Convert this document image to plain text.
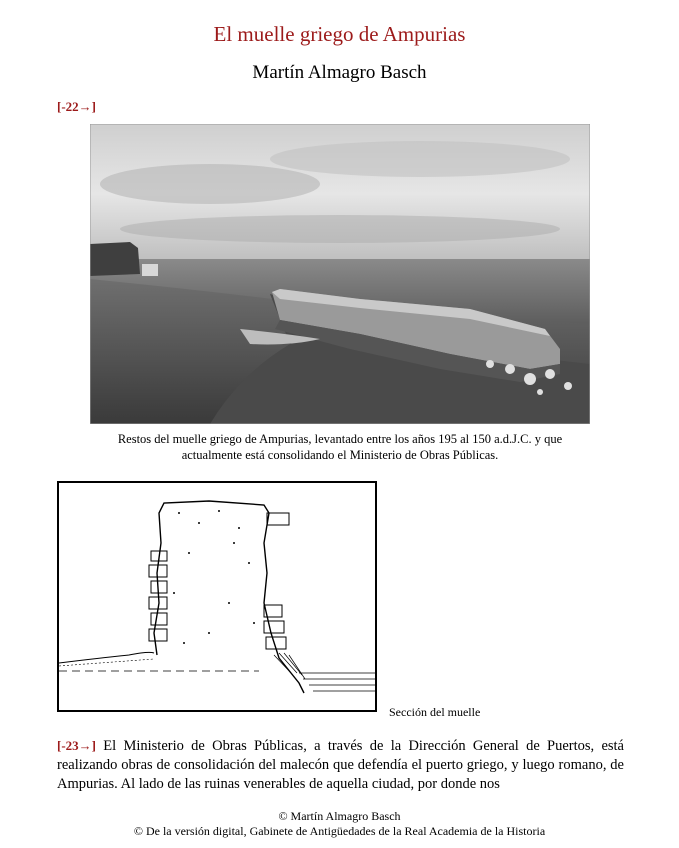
El muelle griego de Ampurias
Martín Almagro Basch
[-22→]
Restos del muelle griego de Ampurias, levantado entre los años 195 al 150 a.d.J.C. y que actualmente está consolidando el Ministerio de Obras Públicas.
Sección del muelle
[-23→] El Ministerio de Obras Públicas, a través de la Dirección General de Puertos, está realizando obras de consolidación del malecón que defendía el puerto griego, y luego romano, de Ampurias. Al lado de las ruinas venerables de aquella ciudad, por donde nos
© Martín Almagro Basch
© De la versión digital, Gabinete de Antigüedades de la Real Academia de la Historia
